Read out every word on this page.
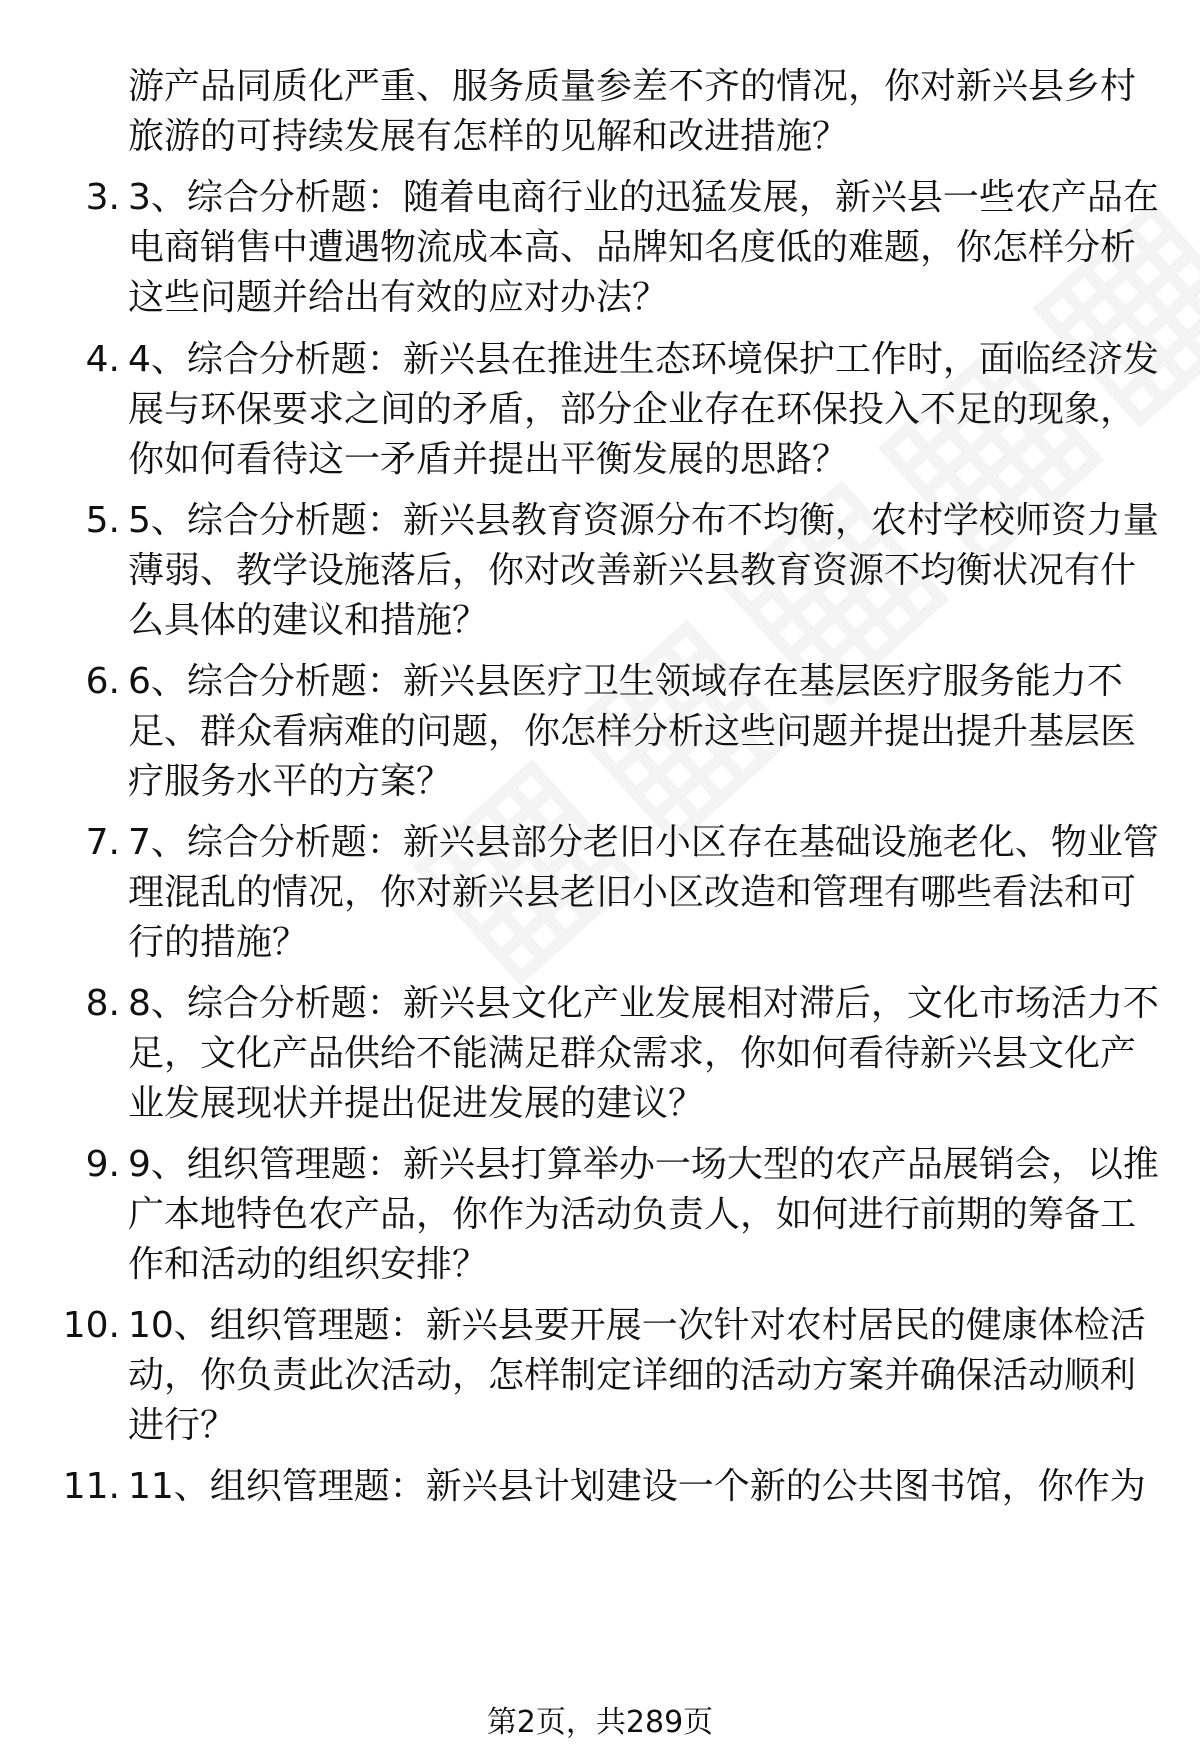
游产品同质化严重、服务质量参差不齐的情况，你对新兴县乡村旅游的可持续发展有怎样的见解和改进措施？
3. 3、综合分析题：随着电商行业的迅猛发展，新兴县一些农产品在电商销售中遭遇物流成本高、品牌知名度低的难题，你怎样分析这些问题并给出有效的应对办法？
4. 4、综合分析题：新兴县在推进生态环境保护工作时，面临经济发展与环保要求之间的矛盾，部分企业存在环保投入不足的现象，你如何看待这一矛盾并提出平衡发展的思路？
5. 5、综合分析题：新兴县教育资源分布不均衡，农村学校师资力量薄弱、教学设施落后，你对改善新兴县教育资源不均衡状况有什么具体的建议和措施？
6. 6、综合分析题：新兴县医疗卫生领域存在基层医疗服务能力不足、群众看病难的问题，你怎样分析这些问题并提出提升基层医疗服务水平的方案？
7. 7、综合分析题：新兴县部分老旧小区存在基础设施老化、物业管理混乱的情况，你对新兴县老旧小区改造和管理有哪些看法和可行的措施？
8. 8、综合分析题：新兴县文化产业发展相对滞后，文化市场活力不足，文化产品供给不能满足群众需求，你如何看待新兴县文化产业发展现状并提出促进发展的建议？
9. 9、组织管理题：新兴县打算举办一场大型的农产品展销会，以推广本地特色农产品，你作为活动负责人，如何进行前期的筹备工作和活动的组织安排？
10. 10、组织管理题：新兴县要开展一次针对农村居民的健康体检活动，你负责此次活动，怎样制定详细的活动方案并确保活动顺利进行？
11. 11、组织管理题：新兴县计划建设一个新的公共图书馆，你作为
第2页，共289页
